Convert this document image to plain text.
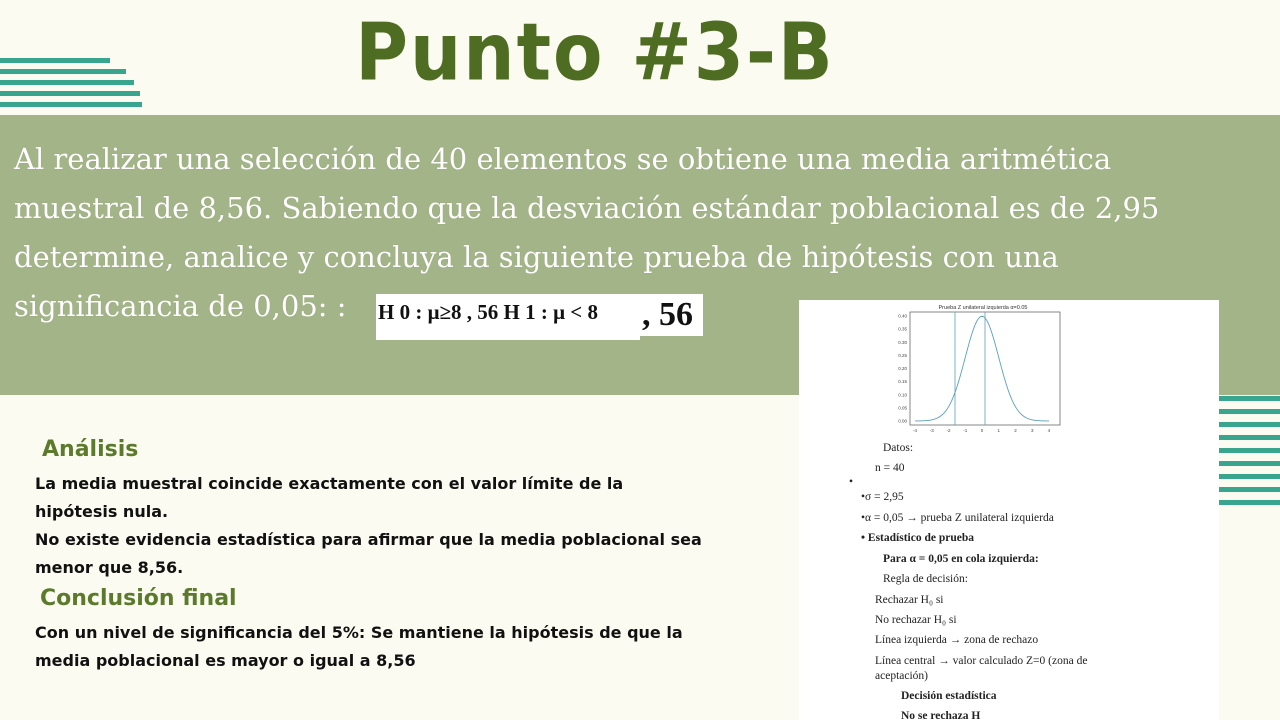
Punto #3-B
Al realizar una selección de 40 elementos se obtiene una media aritmética
muestral de 8,56. Sabiendo que la desviación estándar poblacional es de 2,95
determine, analice y concluya la siguiente prueba de hipótesis con una
significancia de 0,05: :	H 0 : μ≥8 , 56 H 1 : μ < 8	, 56
Análisis
La media muestral coincide exactamente con el valor límite de la
hipótesis nula.
No existe evidencia estadística para afirmar que la media poblacional sea
menor que 8,56.
Conclusión final
Con un nivel de significancia del 5%: Se mantiene la hipótesis de que la
media poblacional es mayor o igual a 8,56
Prueba Z unilateral izquierda α=0.05
0.40
0.35
0.30
0.25
0.20
0.15
0.10
0.05
0.00
-4	-3	-2	-1	0	1	2	3	4
Datos:
n = 40
•
•σ = 2,95
•α = 0,05 → prueba Z unilateral izquierda
• Estadístico de prueba
Para α = 0,05 en cola izquierda:
Regla de decisión:
Rechazar H₀ si
No rechazar H₀ si
Línea izquierda → zona de rechazo
Línea central → valor calculado Z=0 (zona de
aceptación)
Decisión estadística
No se rechaza H
